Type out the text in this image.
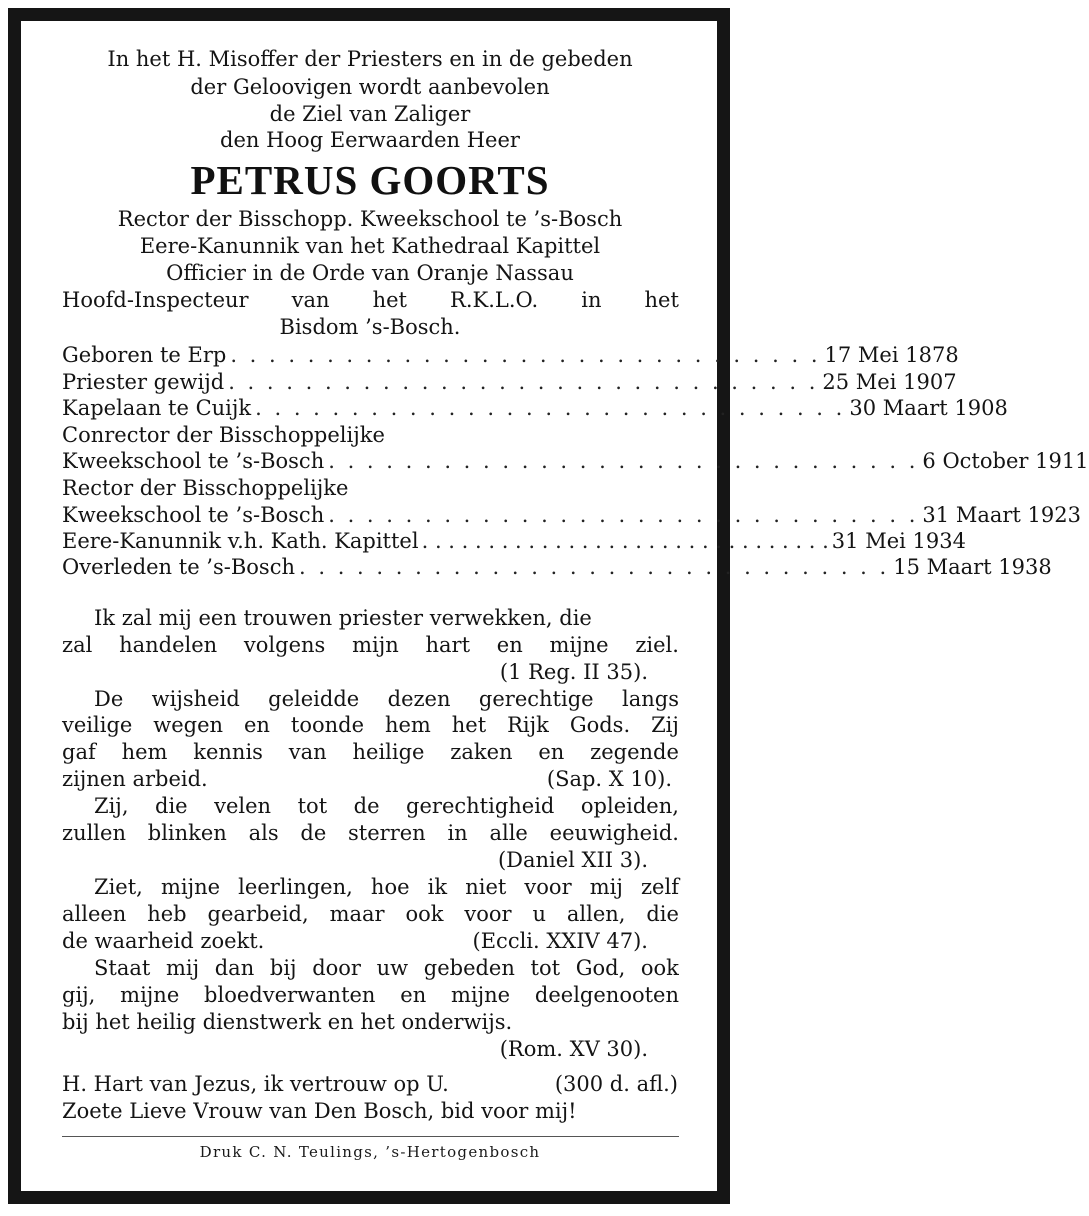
In het H. Misoffer der Priesters en in de gebeden
der Geloovigen wordt aanbevolen
de Ziel van Zaliger
den Hoog Eerwaarden Heer
PETRUS GOORTS
Rector der Bisschopp. Kweekschool te ’s-Bosch
Eere-Kanunnik van het Kathedraal Kapittel
Officier in de Orde van Oranje Nassau
Hoofd-Inspecteur van het R.K.L.O. in het
Bisdom ’s-Bosch.
Geboren te Erp . . . . . . . . . . . . . . . . . . . . . . . . . . . . . . . 17 Mei 1878
Priester gewijd . . . . . . . . . . . . . . . . . . . . . . . . . . . . . . . 25 Mei 1907
Kapelaan te Cuijk . . . . . . . . . . . . . . . . . . . . . . . . . . . . . . . 30 Maart 1908
Conrector der Bisschoppelijke
Kweekschool te ’s-Bosch . . . . . . . . . . . . . . . . . . . . . . . . . . . . . . . 6 October 1911
Rector der Bisschoppelijke
Kweekschool te ’s-Bosch . . . . . . . . . . . . . . . . . . . . . . . . . . . . . . . 31 Maart 1923
Eere-Kanunnik v.h. Kath. Kapittel . . . . . . . . . . . . . . . . . . . . . . . . . . . . . . . 31 Mei 1934
Overleden te ’s-Bosch . . . . . . . . . . . . . . . . . . . . . . . . . . . . . . . 15 Maart 1938
Ik zal mij een trouwen priester verwekken, die
zal handelen volgens mijn hart en mijne ziel.
(1 Reg. II 35).
De wijsheid geleidde dezen gerechtige langs
veilige wegen en toonde hem het Rijk Gods. Zij
gaf hem kennis van heilige zaken en zegende
zijnen arbeid.	(Sap. X 10).
Zij, die velen tot de gerechtigheid opleiden,
zullen blinken als de sterren in alle eeuwigheid.
(Daniel XII 3).
Ziet, mijne leerlingen, hoe ik niet voor mij zelf
alleen heb gearbeid, maar ook voor u allen, die
de waarheid zoekt.	(Eccli. XXIV 47).
Staat mij dan bij door uw gebeden tot God, ook
gij, mijne bloedverwanten en mijne deelgenooten
bij het heilig dienstwerk en het onderwijs.
(Rom. XV 30).
H. Hart van Jezus, ik vertrouw op U.	(300 d. afl.)
Zoete Lieve Vrouw van Den Bosch, bid voor mij!
Druk C. N. Teulings, ’s-Hertogenbosch
